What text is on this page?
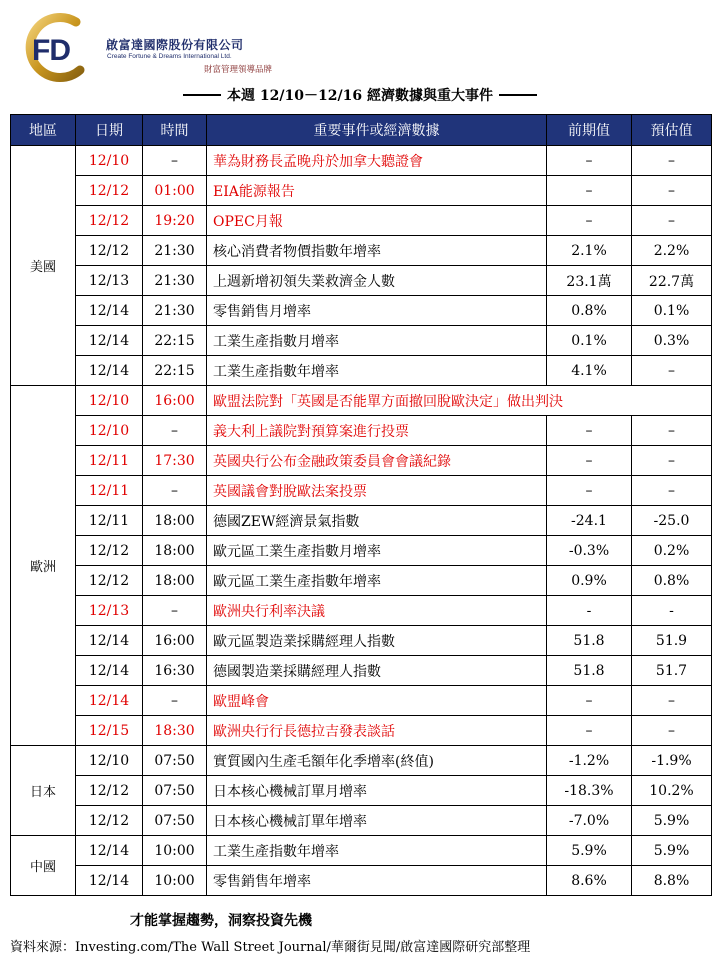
FD	啟富達國際股份有限公司
Create Fortune & Dreams International Ltd.
財富管理領導品牌
本週 12/10－12/16 經濟數據與重大事件
地區	日期	時間	重要事件或經濟數據	前期值	預估值
美國	12/10	–	華為財務長孟晚舟於加拿大聽證會	–	–
	12/12	01:00	EIA能源報告	–	–
	12/12	19:20	OPEC月報	–	–
	12/12	21:30	核心消費者物價指數年增率	2.1%	2.2%
	12/13	21:30	上週新增初領失業救濟金人數	23.1萬	22.7萬
	12/14	21:30	零售銷售月增率	0.8%	0.1%
	12/14	22:15	工業生產指數月增率	0.1%	0.3%
	12/14	22:15	工業生產指數年增率	4.1%	–
歐洲	12/10	16:00	歐盟法院對「英國是否能單方面撤回脫歐決定」做出判決		
	12/10	–	義大利上議院對預算案進行投票	–	–
	12/11	17:30	英國央行公布金融政策委員會會議紀錄	–	–
	12/11	–	英國議會對脫歐法案投票	–	–
	12/11	18:00	德國ZEW經濟景氣指數	-24.1	-25.0
	12/12	18:00	歐元區工業生產指數月增率	-0.3%	0.2%
	12/12	18:00	歐元區工業生產指數年增率	0.9%	0.8%
	12/13	–	歐洲央行利率決議	-	-
	12/14	16:00	歐元區製造業採購經理人指數	51.8	51.9
	12/14	16:30	德國製造業採購經理人指數	51.8	51.7
	12/14	–	歐盟峰會	–	–
	12/15	18:30	歐洲央行行長德拉吉發表談話	–	–
日本	12/10	07:50	實質國內生產毛額年化季增率(終值)	-1.2%	-1.9%
	12/12	07:50	日本核心機械訂單月增率	-18.3%	10.2%
	12/12	07:50	日本核心機械訂單年增率	-7.0%	5.9%
中國	12/14	10:00	工業生產指數年增率	5.9%	5.9%
	12/14	10:00	零售銷售年增率	8.6%	8.8%
才能掌握趨勢，洞察投資先機
資料來源：Investing.com/The Wall Street Journal/華爾街見聞/啟富達國際研究部整理
